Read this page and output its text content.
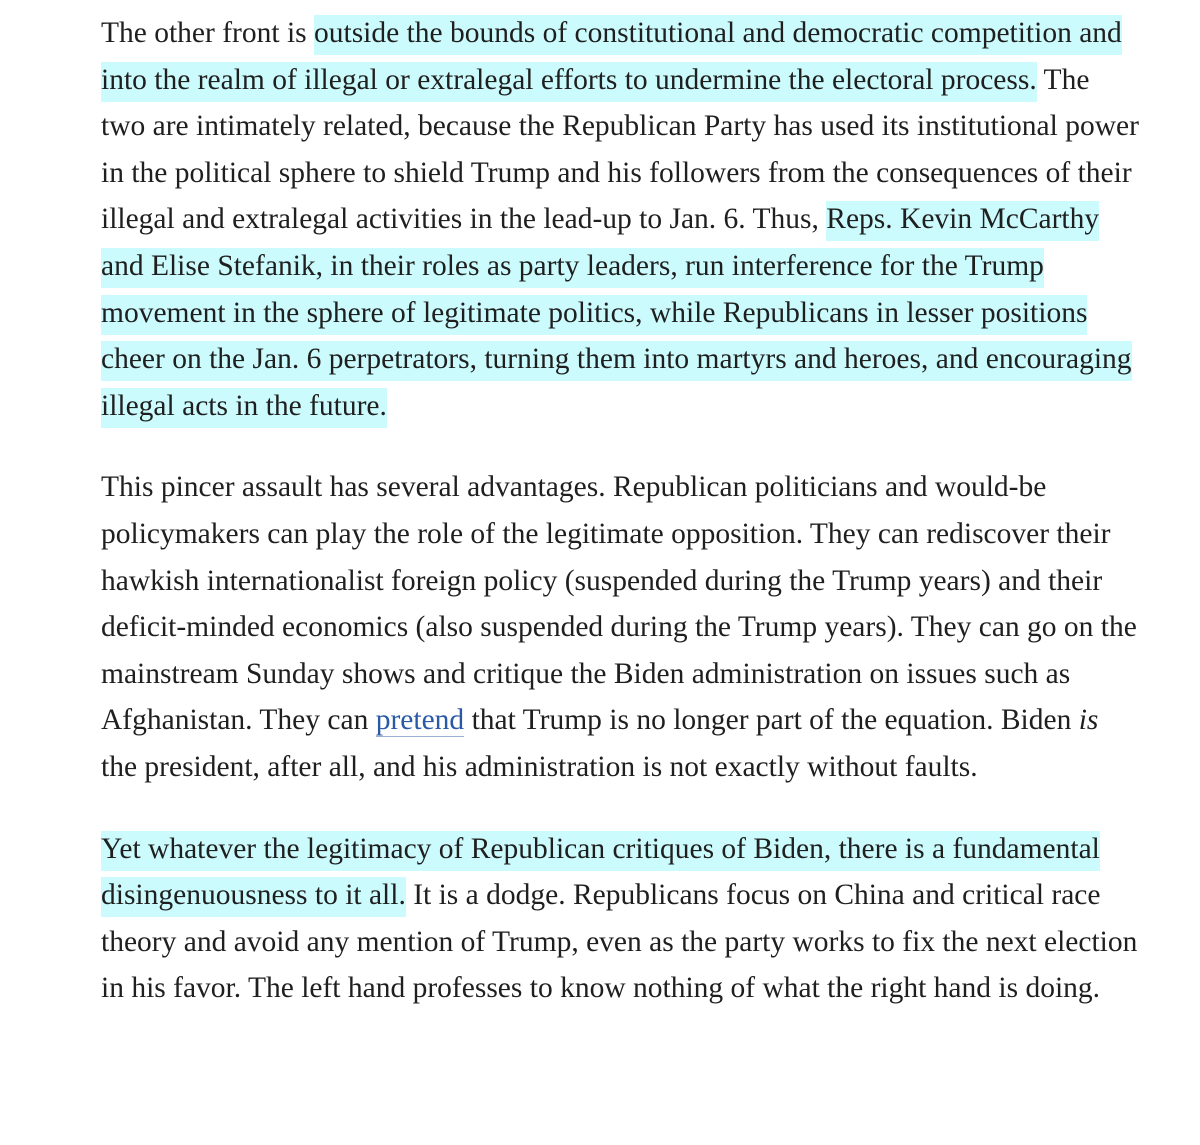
The other front is outside the bounds of constitutional and democratic competition and into the realm of illegal or extralegal efforts to undermine the electoral process. The two are intimately related, because the Republican Party has used its institutional power in the political sphere to shield Trump and his followers from the consequences of their illegal and extralegal activities in the lead-up to Jan. 6. Thus, Reps. Kevin McCarthy and Elise Stefanik, in their roles as party leaders, run interference for the Trump movement in the sphere of legitimate politics, while Republicans in lesser positions cheer on the Jan. 6 perpetrators, turning them into martyrs and heroes, and encouraging illegal acts in the future.

This pincer assault has several advantages. Republican politicians and would-be policymakers can play the role of the legitimate opposition. They can rediscover their hawkish internationalist foreign policy (suspended during the Trump years) and their deficit-minded economics (also suspended during the Trump years). They can go on the mainstream Sunday shows and critique the Biden administration on issues such as Afghanistan. They can pretend that Trump is no longer part of the equation. Biden is the president, after all, and his administration is not exactly without faults.

Yet whatever the legitimacy of Republican critiques of Biden, there is a fundamental disingenuousness to it all. It is a dodge. Republicans focus on China and critical race theory and avoid any mention of Trump, even as the party works to fix the next election in his favor. The left hand professes to know nothing of what the right hand is doing.
